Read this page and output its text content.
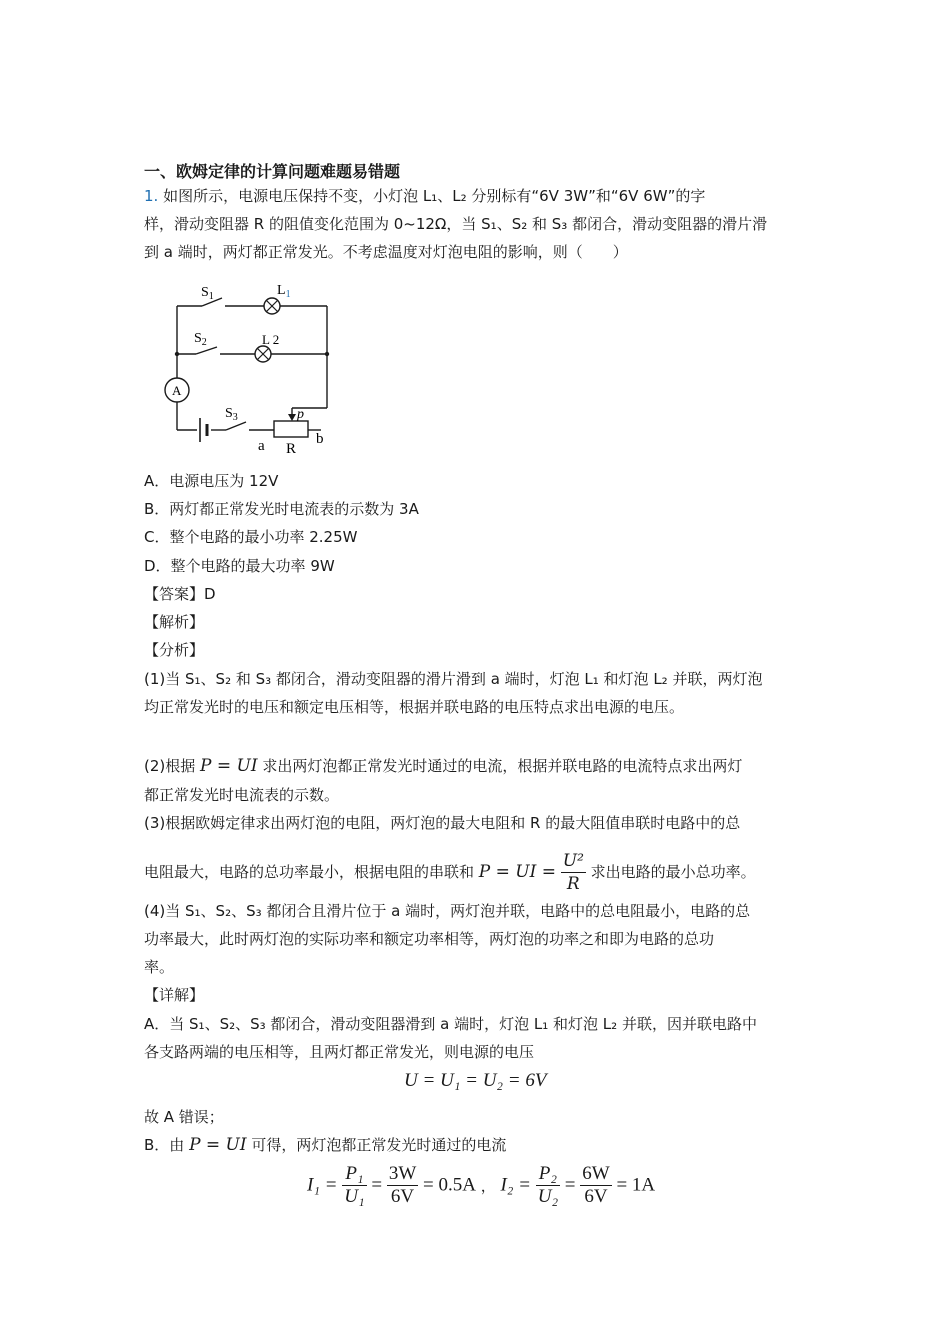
一、欧姆定律的计算问题难题易错题
1. 如图所示，电源电压保持不变，小灯泡 L₁、L₂ 分别标有“6V 3W”和“6V 6W”的字
样，滑动变阻器 R 的阻值变化范围为 0~12Ω，当 S₁、S₂ 和 S₃ 都闭合，滑动变阻器的滑片滑
到 a 端时，两灯都正常发光。不考虑温度对灯泡电阻的影响，则（　　）
$S_1$	$L_1$
$S_2$	L 2
A
$S_3$	p
a R
b
A．电源电压为 12V
B．两灯都正常发光时电流表的示数为 3A
C．整个电路的最小功率 2.25W
D．整个电路的最大功率 9W
【答案】D
【解析】
【分析】
(1)当 S₁、S₂ 和 S₃ 都闭合，滑动变阻器的滑片滑到 a 端时，灯泡 L₁ 和灯泡 L₂ 并联，两灯泡
均正常发光时的电压和额定电压相等，根据并联电路的电压特点求出电源的电压。
(2)根据 P = UI 求出两灯泡都正常发光时通过的电流，根据并联电路的电流特点求出两灯
都正常发光时电流表的示数。
(3)根据欧姆定律求出两灯泡的电阻，两灯泡的最大电阻和 R 的最大阻值串联时电路中的总
电阻最大，电路的总功率最小，根据电阻的串联和 P = UI = $\frac{\text{U²}}{R}$ 求出电路的最小总功率。
(4)当 S₁、S₂、S₃ 都闭合且滑片位于 a 端时，两灯泡并联，电路中的总电阻最小，电路的总
功率最大，此时两灯泡的实际功率和额定功率相等，两灯泡的功率之和即为电路的总功
率。
【详解】
A．当 S₁、S₂、S₃ 都闭合，滑动变阻器滑到 a 端时，灯泡 L₁ 和灯泡 L₂ 并联，因并联电路中
各支路两端的电压相等，且两灯都正常发光，则电源的电压
U = U₁ = U₂ = 6V
故 A 错误；
B．由 P = UI 可得，两灯泡都正常发光时通过的电流
$I_1 = \frac{\text{P₁}}{\text{U₁}} = \frac{3W}{6V} = 0.5A$ ， $I_2 = \frac{\text{P₂}}{\text{U₂}} = \frac{6W}{6V} = 1A$
